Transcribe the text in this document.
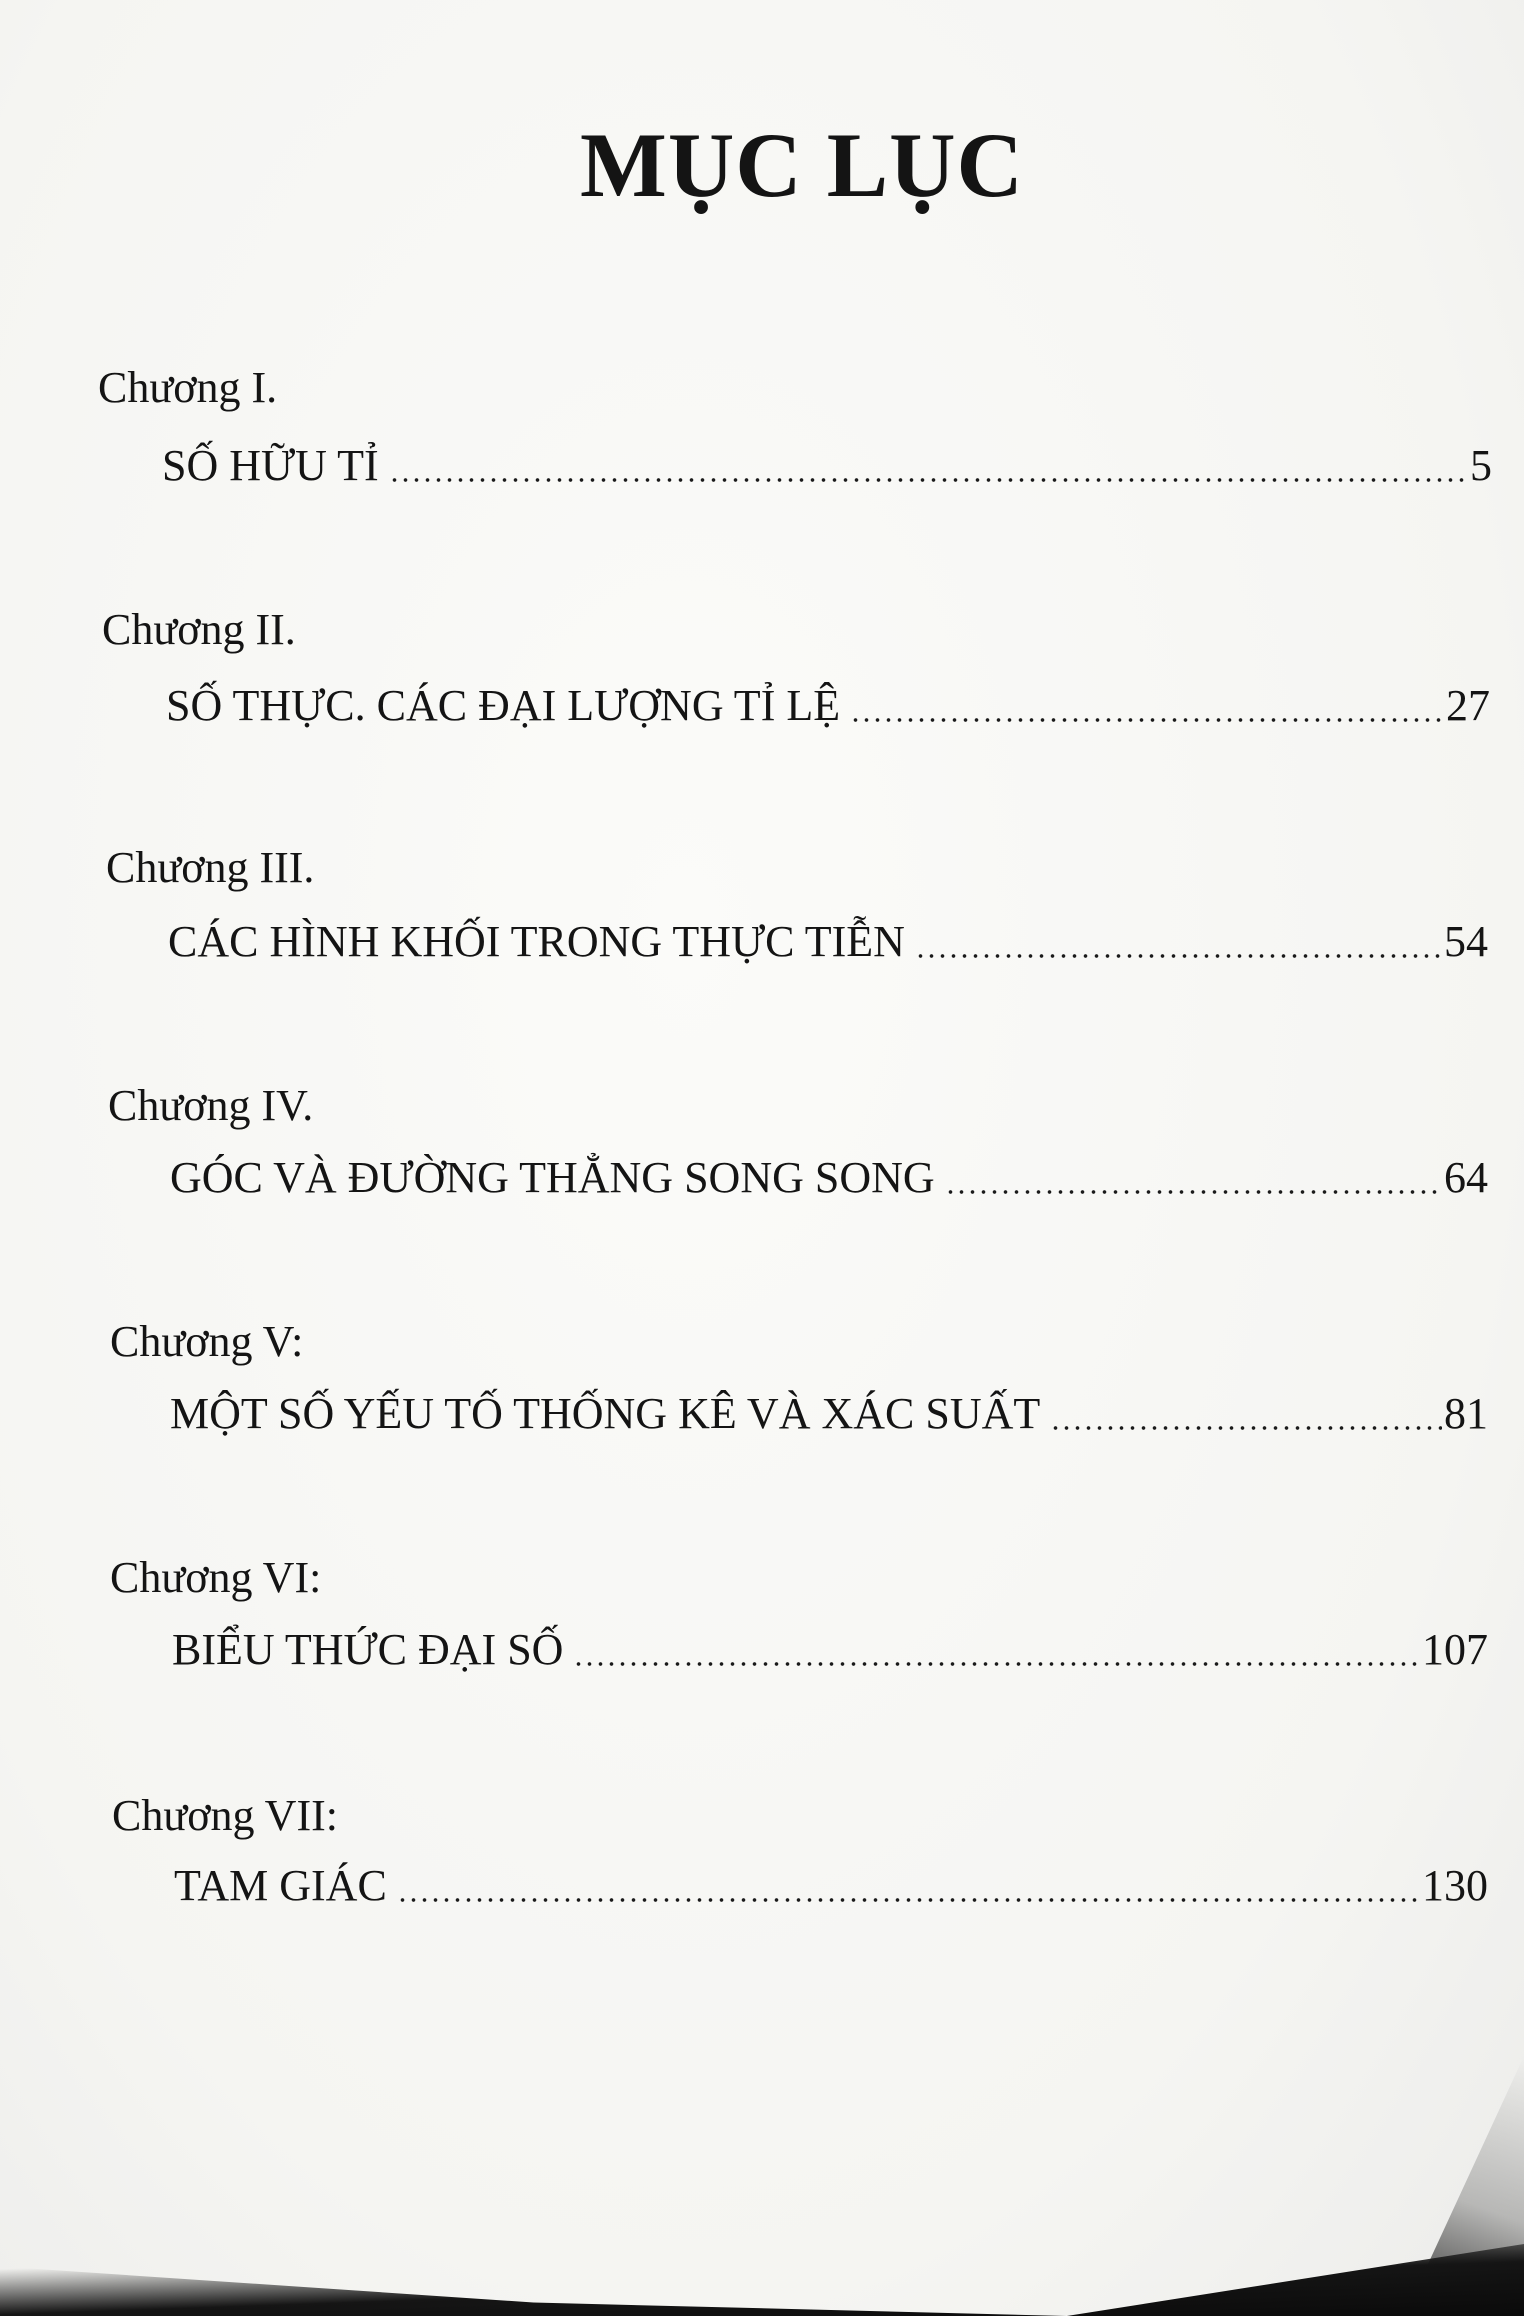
MỤC LỤC
Chương I.
SỐ HỮU TỈ	5
Chương II.
SỐ THỰC. CÁC ĐẠI LƯỢNG TỈ LỆ	27
Chương III.
CÁC HÌNH KHỐI TRONG THỰC TIỄN	54
Chương IV.
GÓC VÀ ĐƯỜNG THẲNG SONG SONG	64
Chương V:
MỘT SỐ YẾU TỐ THỐNG KÊ VÀ XÁC SUẤT	81
Chương VI:
BIỂU THỨC ĐẠI SỐ	107
Chương VII:
TAM GIÁC	130
